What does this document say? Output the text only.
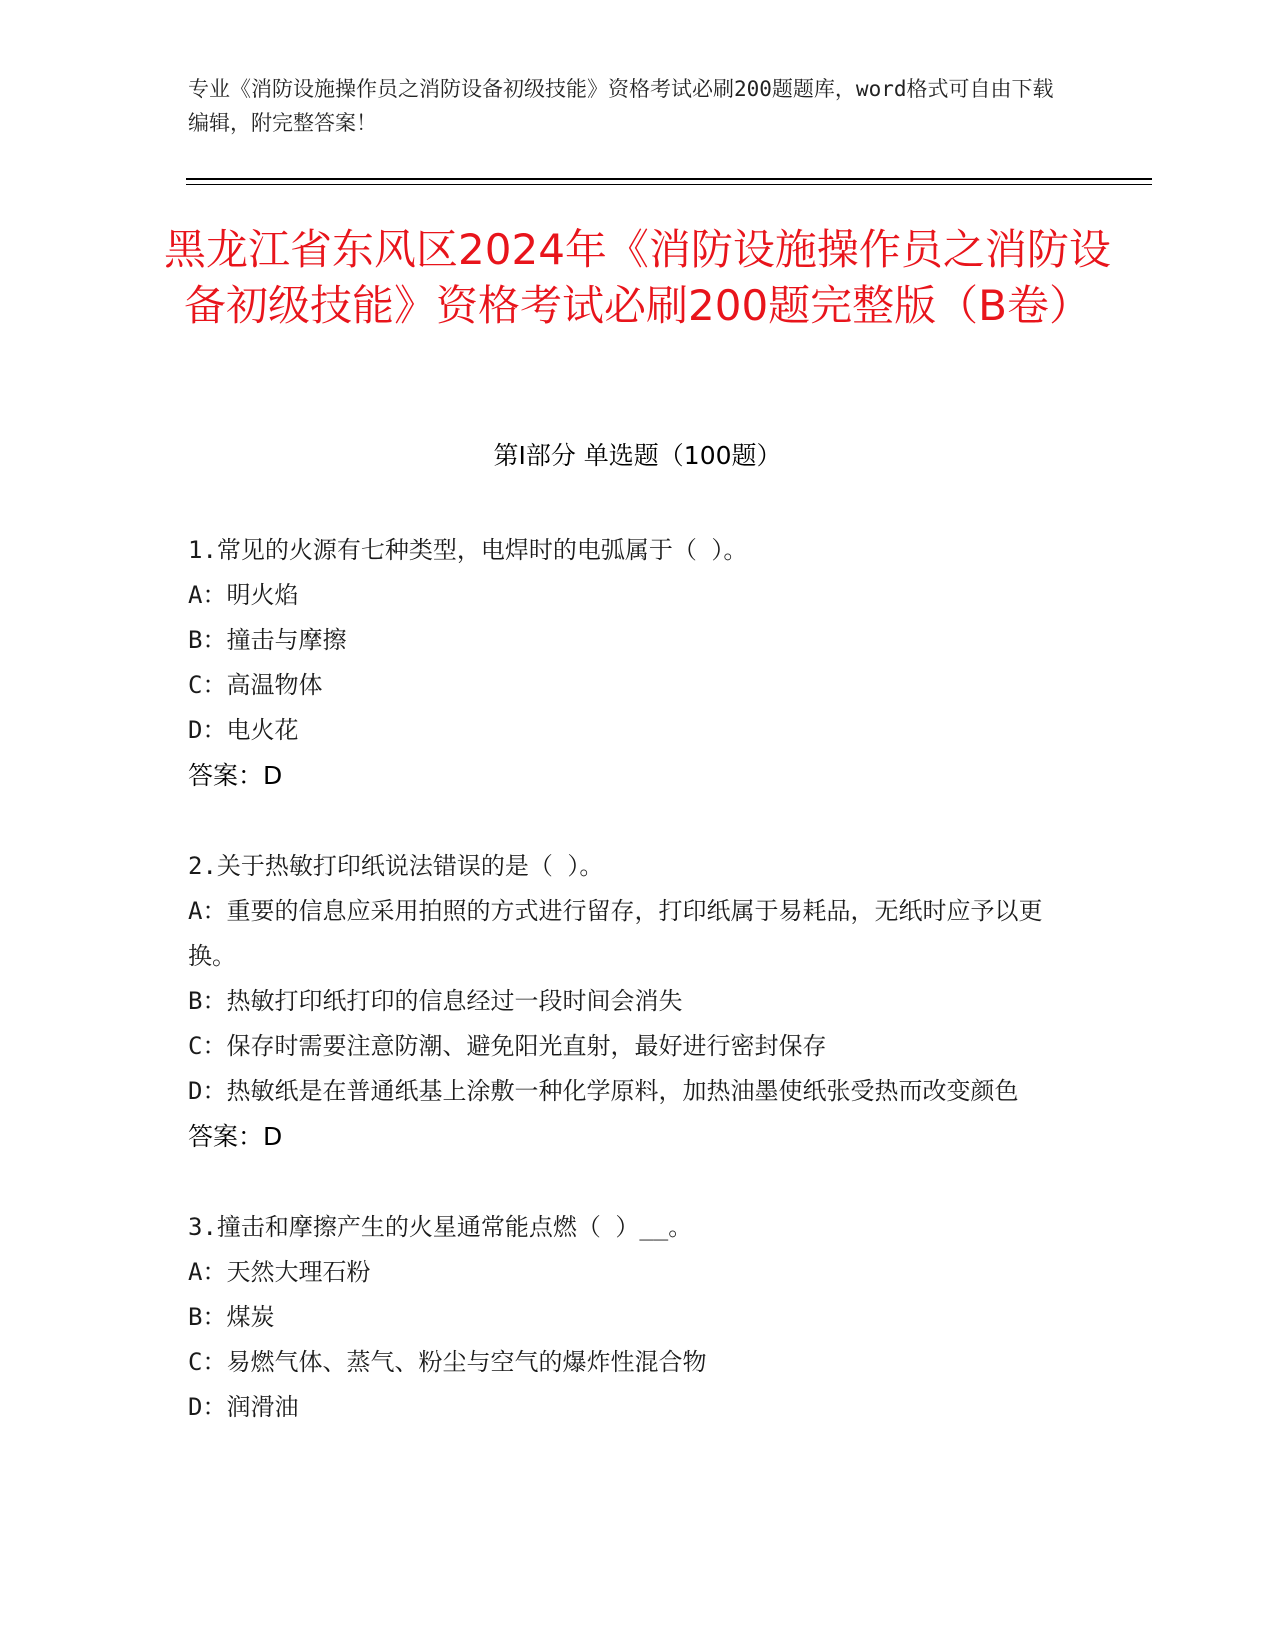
专业《消防设施操作员之消防设备初级技能》资格考试必刷200题题库，word格式可自由下载编辑，附完整答案！
黑龙江省东风区2024年《消防设施操作员之消防设备初级技能》资格考试必刷200题完整版（B卷）
第Ⅰ部分 单选题（100题）
1.常见的火源有七种类型，电焊时的电弧属于（ ）。
A：明火焰
B：撞击与摩擦
C：高温物体
D：电火花
答案：D
2.关于热敏打印纸说法错误的是（ ）。
A：重要的信息应采用拍照的方式进行留存，打印纸属于易耗品，无纸时应予以更换。
B：热敏打印纸打印的信息经过一段时间会消失
C：保存时需要注意防潮、避免阳光直射，最好进行密封保存
D：热敏纸是在普通纸基上涂敷一种化学原料，加热油墨使纸张受热而改变颜色
答案：D
3.撞击和摩擦产生的火星通常能点燃（ ）__。
A：天然大理石粉
B：煤炭
C：易燃气体、蒸气、粉尘与空气的爆炸性混合物
D：润滑油
